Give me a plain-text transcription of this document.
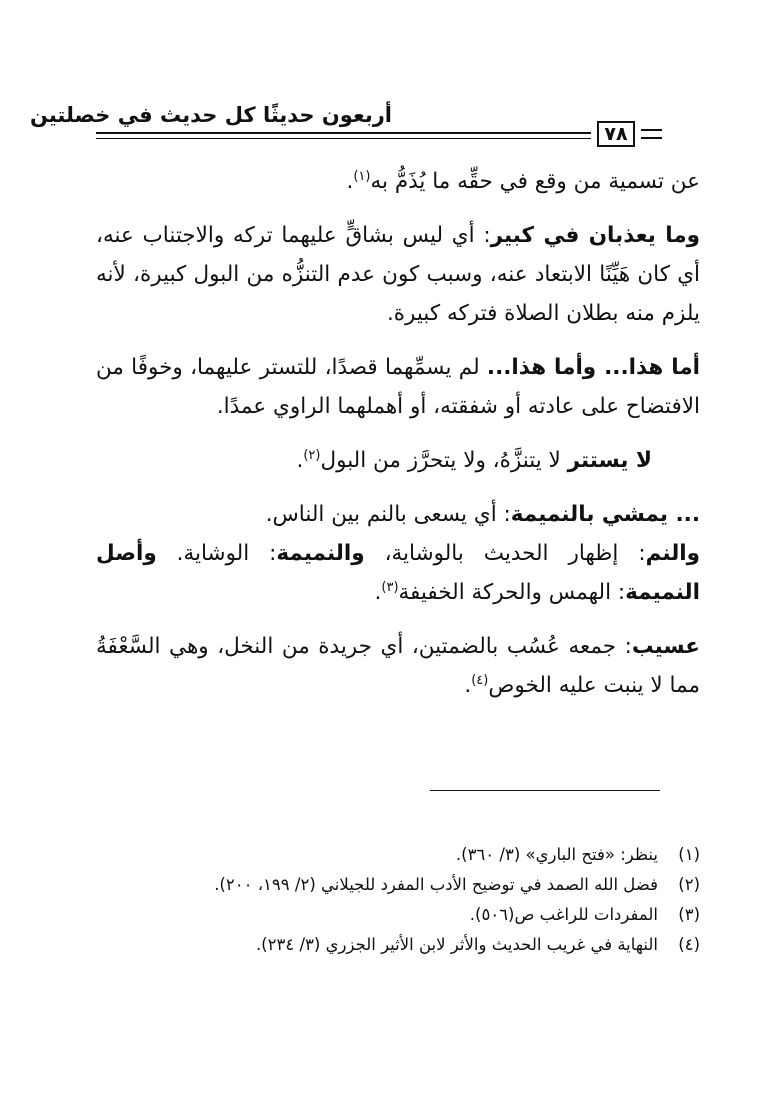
أربعون حديثًا كل حديث في خصلتين
٧٨

عن تسمية من وقع في حقِّه ما يُذَمُّ به$^{(١)}$.

وما يعذبان في كبير: أي ليس بشاقٍّ عليهما تركه والاجتناب عنه، أي كان هَيِّنًا الابتعاد عنه، وسبب كون عدم التنزُّه من البول كبيرة، لأنه يلزم منه بطلان الصلاة فتركه كبيرة.

أما هذا... وأما هذا... لم يسمِّهما قصدًا، للتستر عليهما، وخوفًا من الافتضاح على عادته أو شفقته، أو أهملهما الراوي عمدًا.

لا يستتر لا يتنزَّهُ، ولا يتحرَّز من البول$^{(٢)}$.

... يمشي بالنميمة: أي يسعى بالنم بين الناس.
والنم: إظهار الحديث بالوشاية، والنميمة: الوشاية. وأصل النميمة: الهمس والحركة الخفيفة$^{(٣)}$.

عسيب: جمعه عُسُب بالضمتين، أي جريدة من النخل، وهي السَّعْفَةُ مما لا ينبت عليه الخوص$^{(٤)}$.

(١)
ينظر: «فتح الباري» (٣/ ٣٦٠).
(٢)
فضل الله الصمد في توضيح الأدب المفرد للجيلاني (٢/ ١٩٩، ٢٠٠).
(٣)
المفردات للراغب ص(٥٠٦).
(٤)
النهاية في غريب الحديث والأثر لابن الأثير الجزري (٣/ ٢٣٤).
